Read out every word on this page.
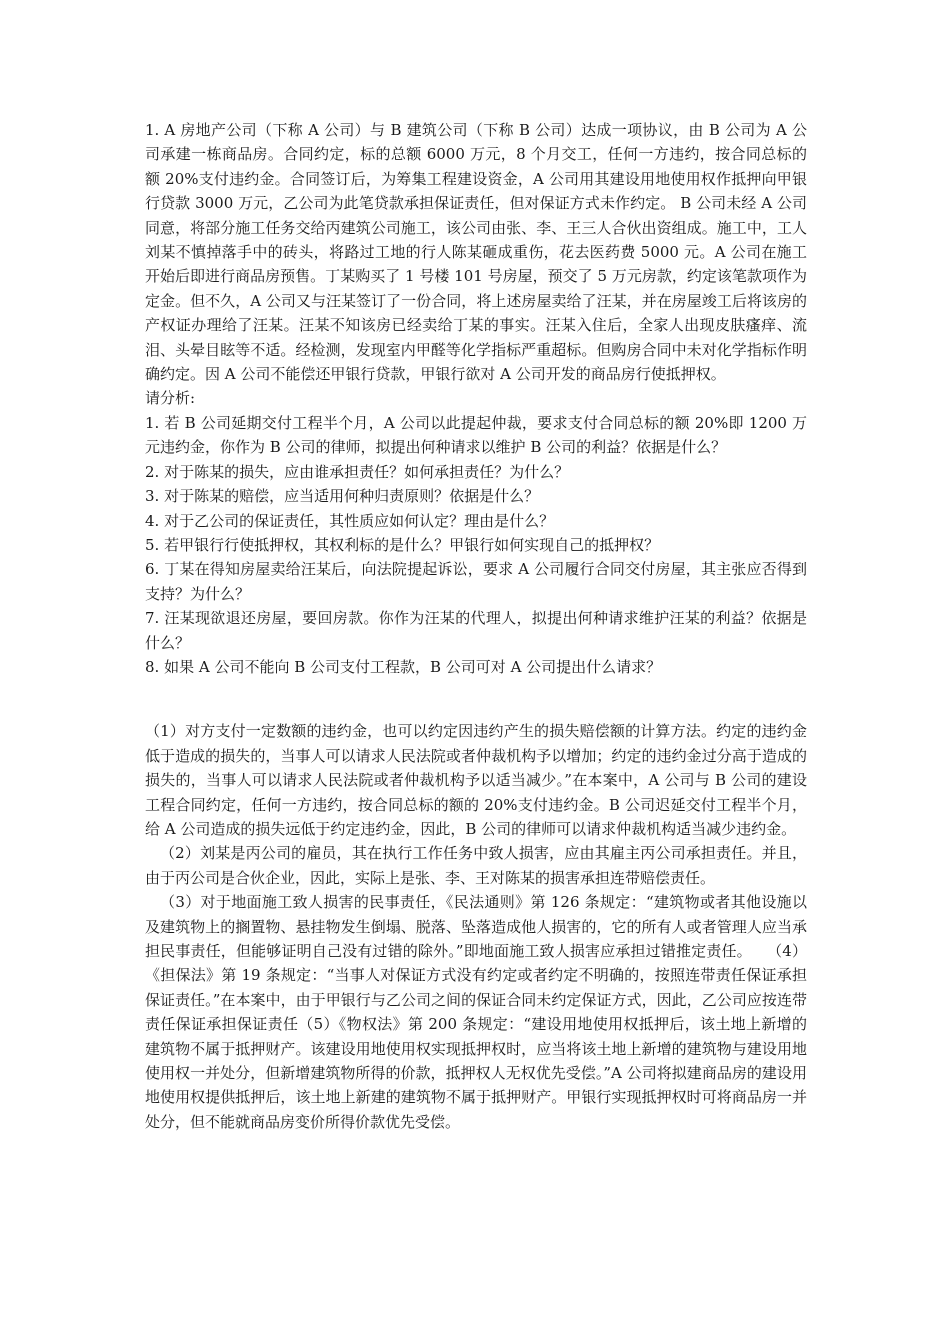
1. A 房地产公司（下称 A 公司）与 B 建筑公司（下称 B 公司）达成一项协议，由 B 公司为 A 公司承建一栋商品房。合同约定，标的总额 6000 万元，8 个月交工，任何一方违约，按合同总标的额 20%支付违约金。合同签订后，为筹集工程建设资金，A 公司用其建设用地使用权作抵押向甲银行贷款 3000 万元，乙公司为此笔贷款承担保证责任，但对保证方式未作约定。 B 公司未经 A 公司同意，将部分施工任务交给丙建筑公司施工，该公司由张、李、王三人合伙出资组成。施工中，工人刘某不慎掉落手中的砖头，将路过工地的行人陈某砸成重伤，花去医药费 5000 元。A 公司在施工开始后即进行商品房预售。丁某购买了 1 号楼 101 号房屋，预交了 5 万元房款，约定该笔款项作为定金。但不久，A 公司又与汪某签订了一份合同，将上述房屋卖给了汪某，并在房屋竣工后将该房的产权证办理给了汪某。汪某不知该房已经卖给丁某的事实。汪某入住后，全家人出现皮肤瘙痒、流泪、头晕目眩等不适。经检测，发现室内甲醛等化学指标严重超标。但购房合同中未对化学指标作明确约定。因 A 公司不能偿还甲银行贷款，甲银行欲对 A 公司开发的商品房行使抵押权。

请分析:

1. 若 B 公司延期交付工程半个月，A 公司以此提起仲裁，要求支付合同总标的额 20%即 1200 万元违约金，你作为 B 公司的律师，拟提出何种请求以维护 B 公司的利益？依据是什么？

2. 对于陈某的损失，应由谁承担责任？如何承担责任？为什么？

3. 对于陈某的赔偿，应当适用何种归责原则？依据是什么？

4. 对于乙公司的保证责任，其性质应如何认定？理由是什么？

5. 若甲银行行使抵押权，其权利标的是什么？甲银行如何实现自己的抵押权？

6. 丁某在得知房屋卖给汪某后，向法院提起诉讼，要求 A 公司履行合同交付房屋，其主张应否得到支持？为什么？

7. 汪某现欲退还房屋，要回房款。你作为汪某的代理人，拟提出何种请求维护汪某的利益？依据是什么？

8. 如果 A 公司不能向 B 公司支付工程款，B 公司可对 A 公司提出什么请求？

（1）对方支付一定数额的违约金，也可以约定因违约产生的损失赔偿额的计算方法。约定的违约金低于造成的损失的，当事人可以请求人民法院或者仲裁机构予以增加；约定的违约金过分高于造成的损失的，当事人可以请求人民法院或者仲裁机构予以适当减少。”在本案中，A 公司与 B 公司的建设工程合同约定，任何一方违约，按合同总标的额的 20%支付违约金。B 公司迟延交付工程半个月，给 A 公司造成的损失远低于约定违约金，因此，B 公司的律师可以请求仲裁机构适当减少违约金。

（2）刘某是丙公司的雇员，其在执行工作任务中致人损害，应由其雇主丙公司承担责任。并且，由于丙公司是合伙企业，因此，实际上是张、李、王对陈某的损害承担连带赔偿责任。

（3）对于地面施工致人损害的民事责任，《民法通则》第 126 条规定：“建筑物或者其他设施以及建筑物上的搁置物、悬挂物发生倒塌、脱落、坠落造成他人损害的，它的所有人或者管理人应当承担民事责任，但能够证明自己没有过错的除外。”即地面施工致人损害应承担过错推定责任。　　（4）《担保法》第 19 条规定：“当事人对保证方式没有约定或者约定不明确的，按照连带责任保证承担保证责任。”在本案中，由于甲银行与乙公司之间的保证合同未约定保证方式，因此，乙公司应按连带责任保证承担保证责任（5）《物权法》第 200 条规定：“建设用地使用权抵押后，该土地上新增的建筑物不属于抵押财产。该建设用地使用权实现抵押权时，应当将该土地上新增的建筑物与建设用地使用权一并处分，但新增建筑物所得的价款，抵押权人无权优先受偿。”A 公司将拟建商品房的建设用地使用权提供抵押后，该土地上新建的建筑物不属于抵押财产。甲银行实现抵押权时可将商品房一并处分，但不能就商品房变价所得价款优先受偿。
